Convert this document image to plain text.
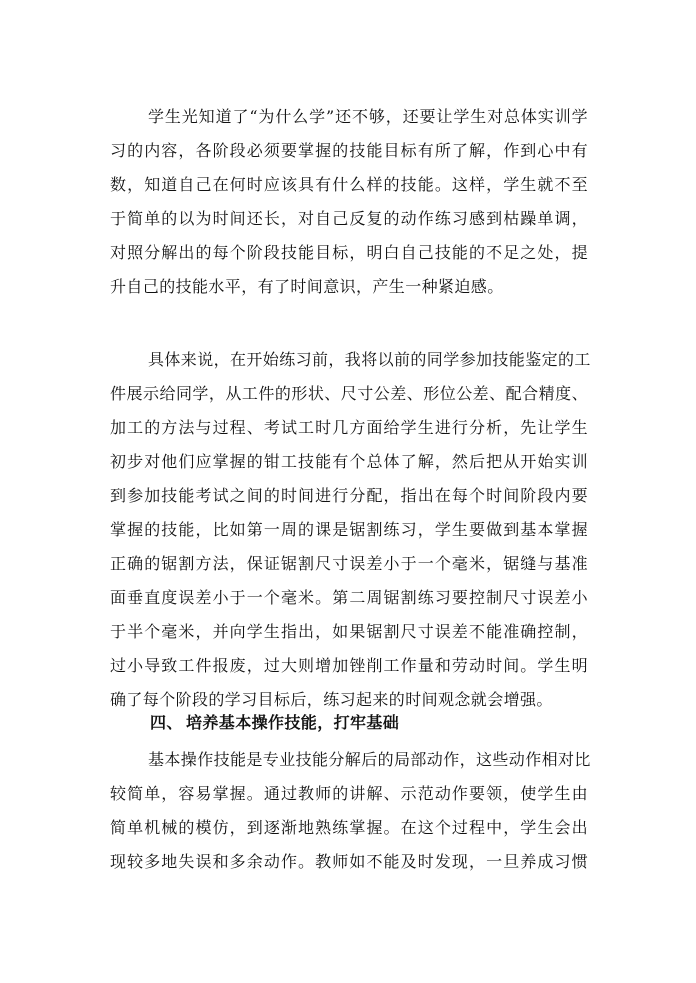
学生光知道了“为什么学”还不够，还要让学生对总体实训学
习的内容，各阶段必须要掌握的技能目标有所了解，作到心中有
数，知道自己在何时应该具有什么样的技能。这样，学生就不至
于简单的以为时间还长，对自己反复的动作练习感到枯躁单调，
对照分解出的每个阶段技能目标，明白自己技能的不足之处，提
升自己的技能水平，有了时间意识，产生一种紧迫感。
具体来说，在开始练习前，我将以前的同学参加技能鉴定的工
件展示给同学，从工件的形状、尺寸公差、形位公差、配合精度、
加工的方法与过程、考试工时几方面给学生进行分析，先让学生
初步对他们应掌握的钳工技能有个总体了解，然后把从开始实训
到参加技能考试之间的时间进行分配，指出在每个时间阶段内要
掌握的技能，比如第一周的课是锯割练习，学生要做到基本掌握
正确的锯割方法，保证锯割尺寸误差小于一个毫米，锯缝与基准
面垂直度误差小于一个毫米。第二周锯割练习要控制尺寸误差小
于半个毫米，并向学生指出，如果锯割尺寸误差不能准确控制，
过小导致工件报废，过大则增加锉削工作量和劳动时间。学生明
确了每个阶段的学习目标后，练习起来的时间观念就会增强。
四、 培养基本操作技能，打牢基础
基本操作技能是专业技能分解后的局部动作，这些动作相对比
较简单，容易掌握。通过教师的讲解、示范动作要领，使学生由
简单机械的模仿，到逐渐地熟练掌握。在这个过程中，学生会出
现较多地失误和多余动作。教师如不能及时发现，一旦养成习惯
